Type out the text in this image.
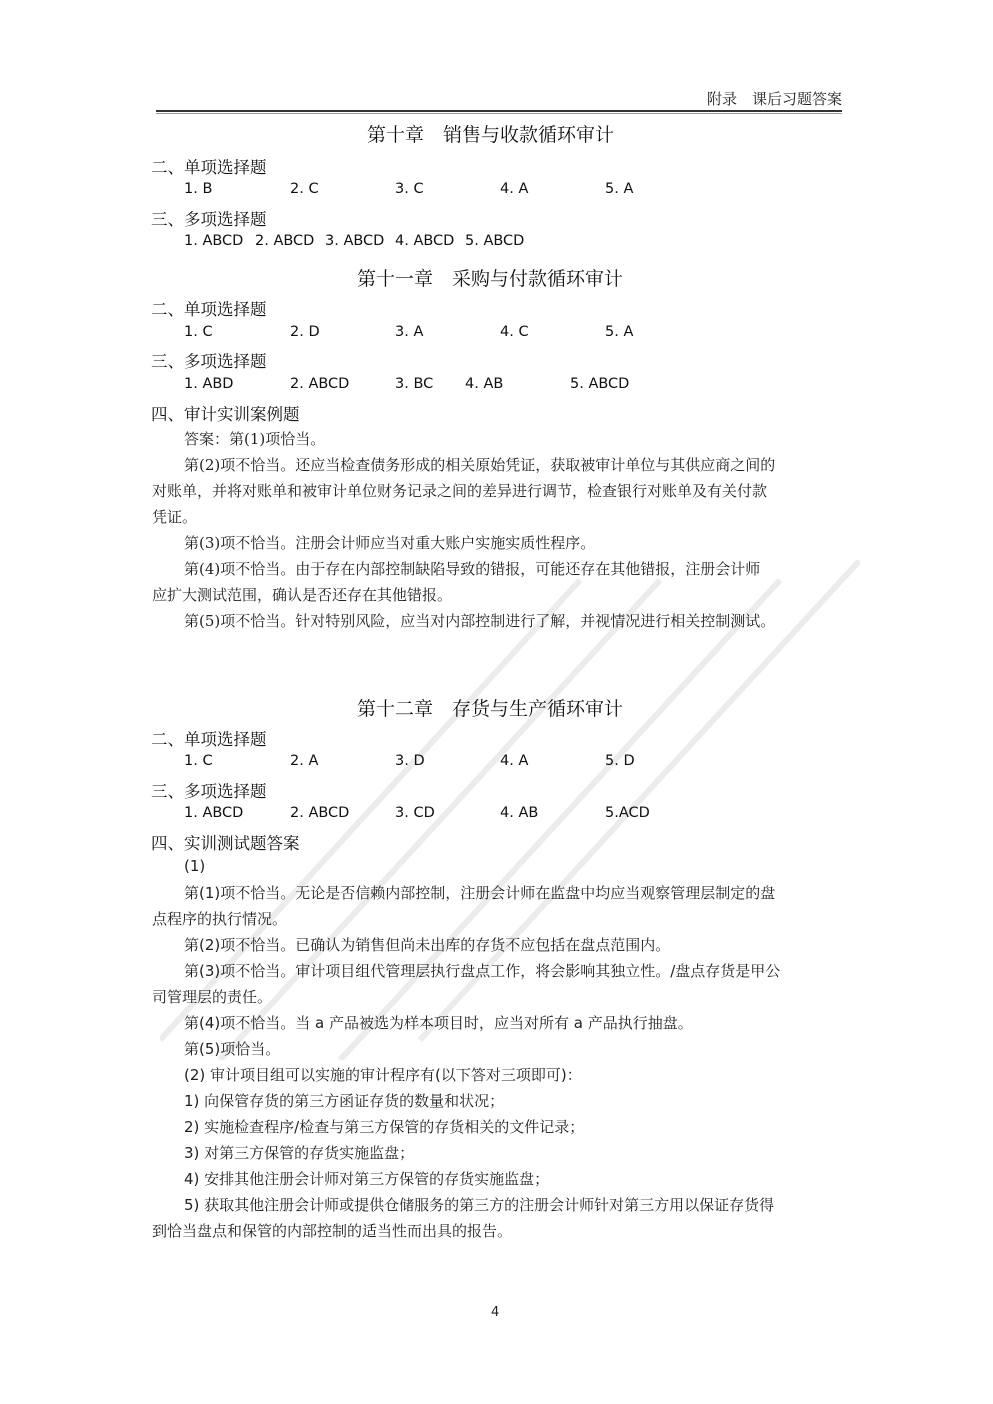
附录　课后习题答案
第十章　销售与收款循环审计
二、单项选择题
1. B	2. C	3. C	4. A	5. A
三、多项选择题
1. ABCD 2. ABCD 3. ABCD 4. ABCD 5. ABCD
第十一章　采购与付款循环审计
二、单项选择题
1. C	2. D	3. A	4. C	5. A
三、多项选择题
1. ABD	2. ABCD	3. BC 4. AB	5. ABCD
四、审计实训案例题
答案：第(1)项恰当。
第(2)项不恰当。还应当检查债务形成的相关原始凭证，获取被审计单位与其供应商之间的
对账单，并将对账单和被审计单位财务记录之间的差异进行调节，检查银行对账单及有关付款
凭证。
第(3)项不恰当。注册会计师应当对重大账户实施实质性程序。
第(4)项不恰当。由于存在内部控制缺陷导致的错报，可能还存在其他错报，注册会计师
应扩大测试范围，确认是否还存在其他错报。
第(5)项不恰当。针对特别风险，应当对内部控制进行了解，并视情况进行相关控制测试。
第十二章　存货与生产循环审计
二、单项选择题
1. C	2. A	3. D	4. A	5. D
三、多项选择题
1. ABCD	2. ABCD	3. CD	4. AB	5.ACD
四、实训测试题答案
(1)
第(1)项不恰当。无论是否信赖内部控制，注册会计师在监盘中均应当观察管理层制定的盘
点程序的执行情况。
第(2)项不恰当。已确认为销售但尚未出库的存货不应包括在盘点范围内。
第(3)项不恰当。审计项目组代管理层执行盘点工作，将会影响其独立性。/盘点存货是甲公
司管理层的责任。
第(4)项不恰当。当 a 产品被选为样本项目时，应当对所有 a 产品执行抽盘。
第(5)项恰当。
(2) 审计项目组可以实施的审计程序有(以下答对三项即可)：
1) 向保管存货的第三方函证存货的数量和状况；
2) 实施检查程序/检查与第三方保管的存货相关的文件记录；
3) 对第三方保管的存货实施监盘；
4) 安排其他注册会计师对第三方保管的存货实施监盘；
5) 获取其他注册会计师或提供仓储服务的第三方的注册会计师针对第三方用以保证存货得
到恰当盘点和保管的内部控制的适当性而出具的报告。
4
